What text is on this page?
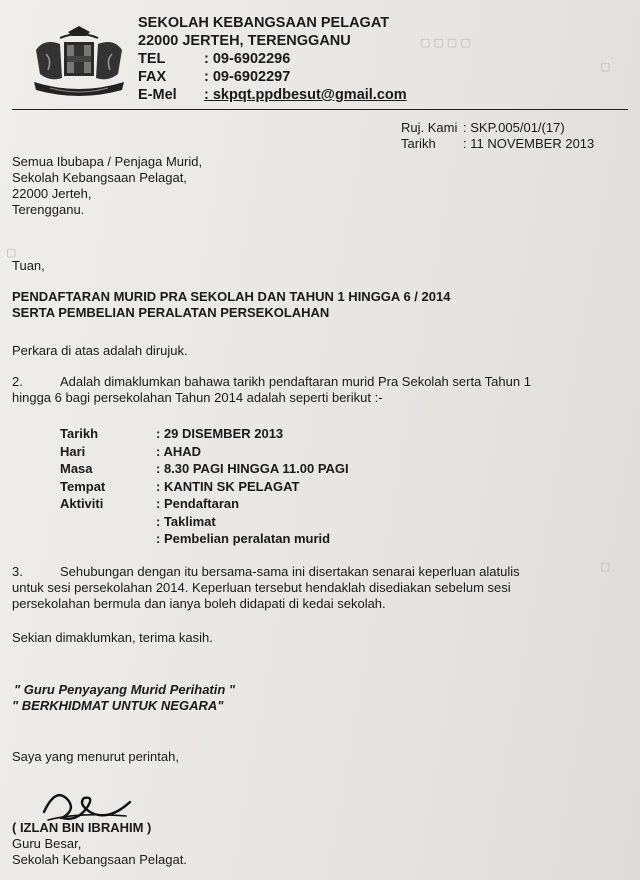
▢ ▢ ▢ ▢
▢
▢
▢
SEKOLAH KEBANGSAAN PELAGAT
22000 JERTEH, TERENGGANU
TEL	: 09-6902296
FAX	: 09-6902297
E-Mel	: skpqt.ppdbesut@gmail.com
Ruj. Kami : SKP.005/01/(17)
Tarikh	: 11 NOVEMBER 2013
Semua Ibubapa / Penjaga Murid,
Sekolah Kebangsaan Pelagat,
22000 Jerteh,
Terengganu.
Tuan,
PENDAFTARAN MURID PRA SEKOLAH DAN TAHUN 1 HINGGA 6 / 2014
SERTA PEMBELIAN PERALATAN PERSEKOLAHAN
Perkara di atas adalah dirujuk.
2.	Adalah dimaklumkan bahawa tarikh pendaftaran murid Pra Sekolah serta Tahun 1
hingga 6 bagi persekolahan Tahun 2014 adalah seperti berikut :-
Tarikh	: 29 DISEMBER 2013
Hari	: AHAD
Masa	: 8.30 PAGI HINGGA 11.00 PAGI
Tempat	: KANTIN SK PELAGAT
Aktiviti	: Pendaftaran
: Taklimat
: Pembelian peralatan murid
3.	Sehubungan dengan itu bersama-sama ini disertakan senarai keperluan alatulis
untuk sesi persekolahan 2014. Keperluan tersebut hendaklah disediakan sebelum sesi
persekolahan bermula dan ianya boleh didapati di kedai sekolah.
Sekian dimaklumkan, terima kasih.
" Guru Penyayang Murid Perihatin "
" BERKHIDMAT UNTUK NEGARA"
Saya yang menurut perintah,
( IZLAN BIN IBRAHIM )
Guru Besar,
Sekolah Kebangsaan Pelagat.
